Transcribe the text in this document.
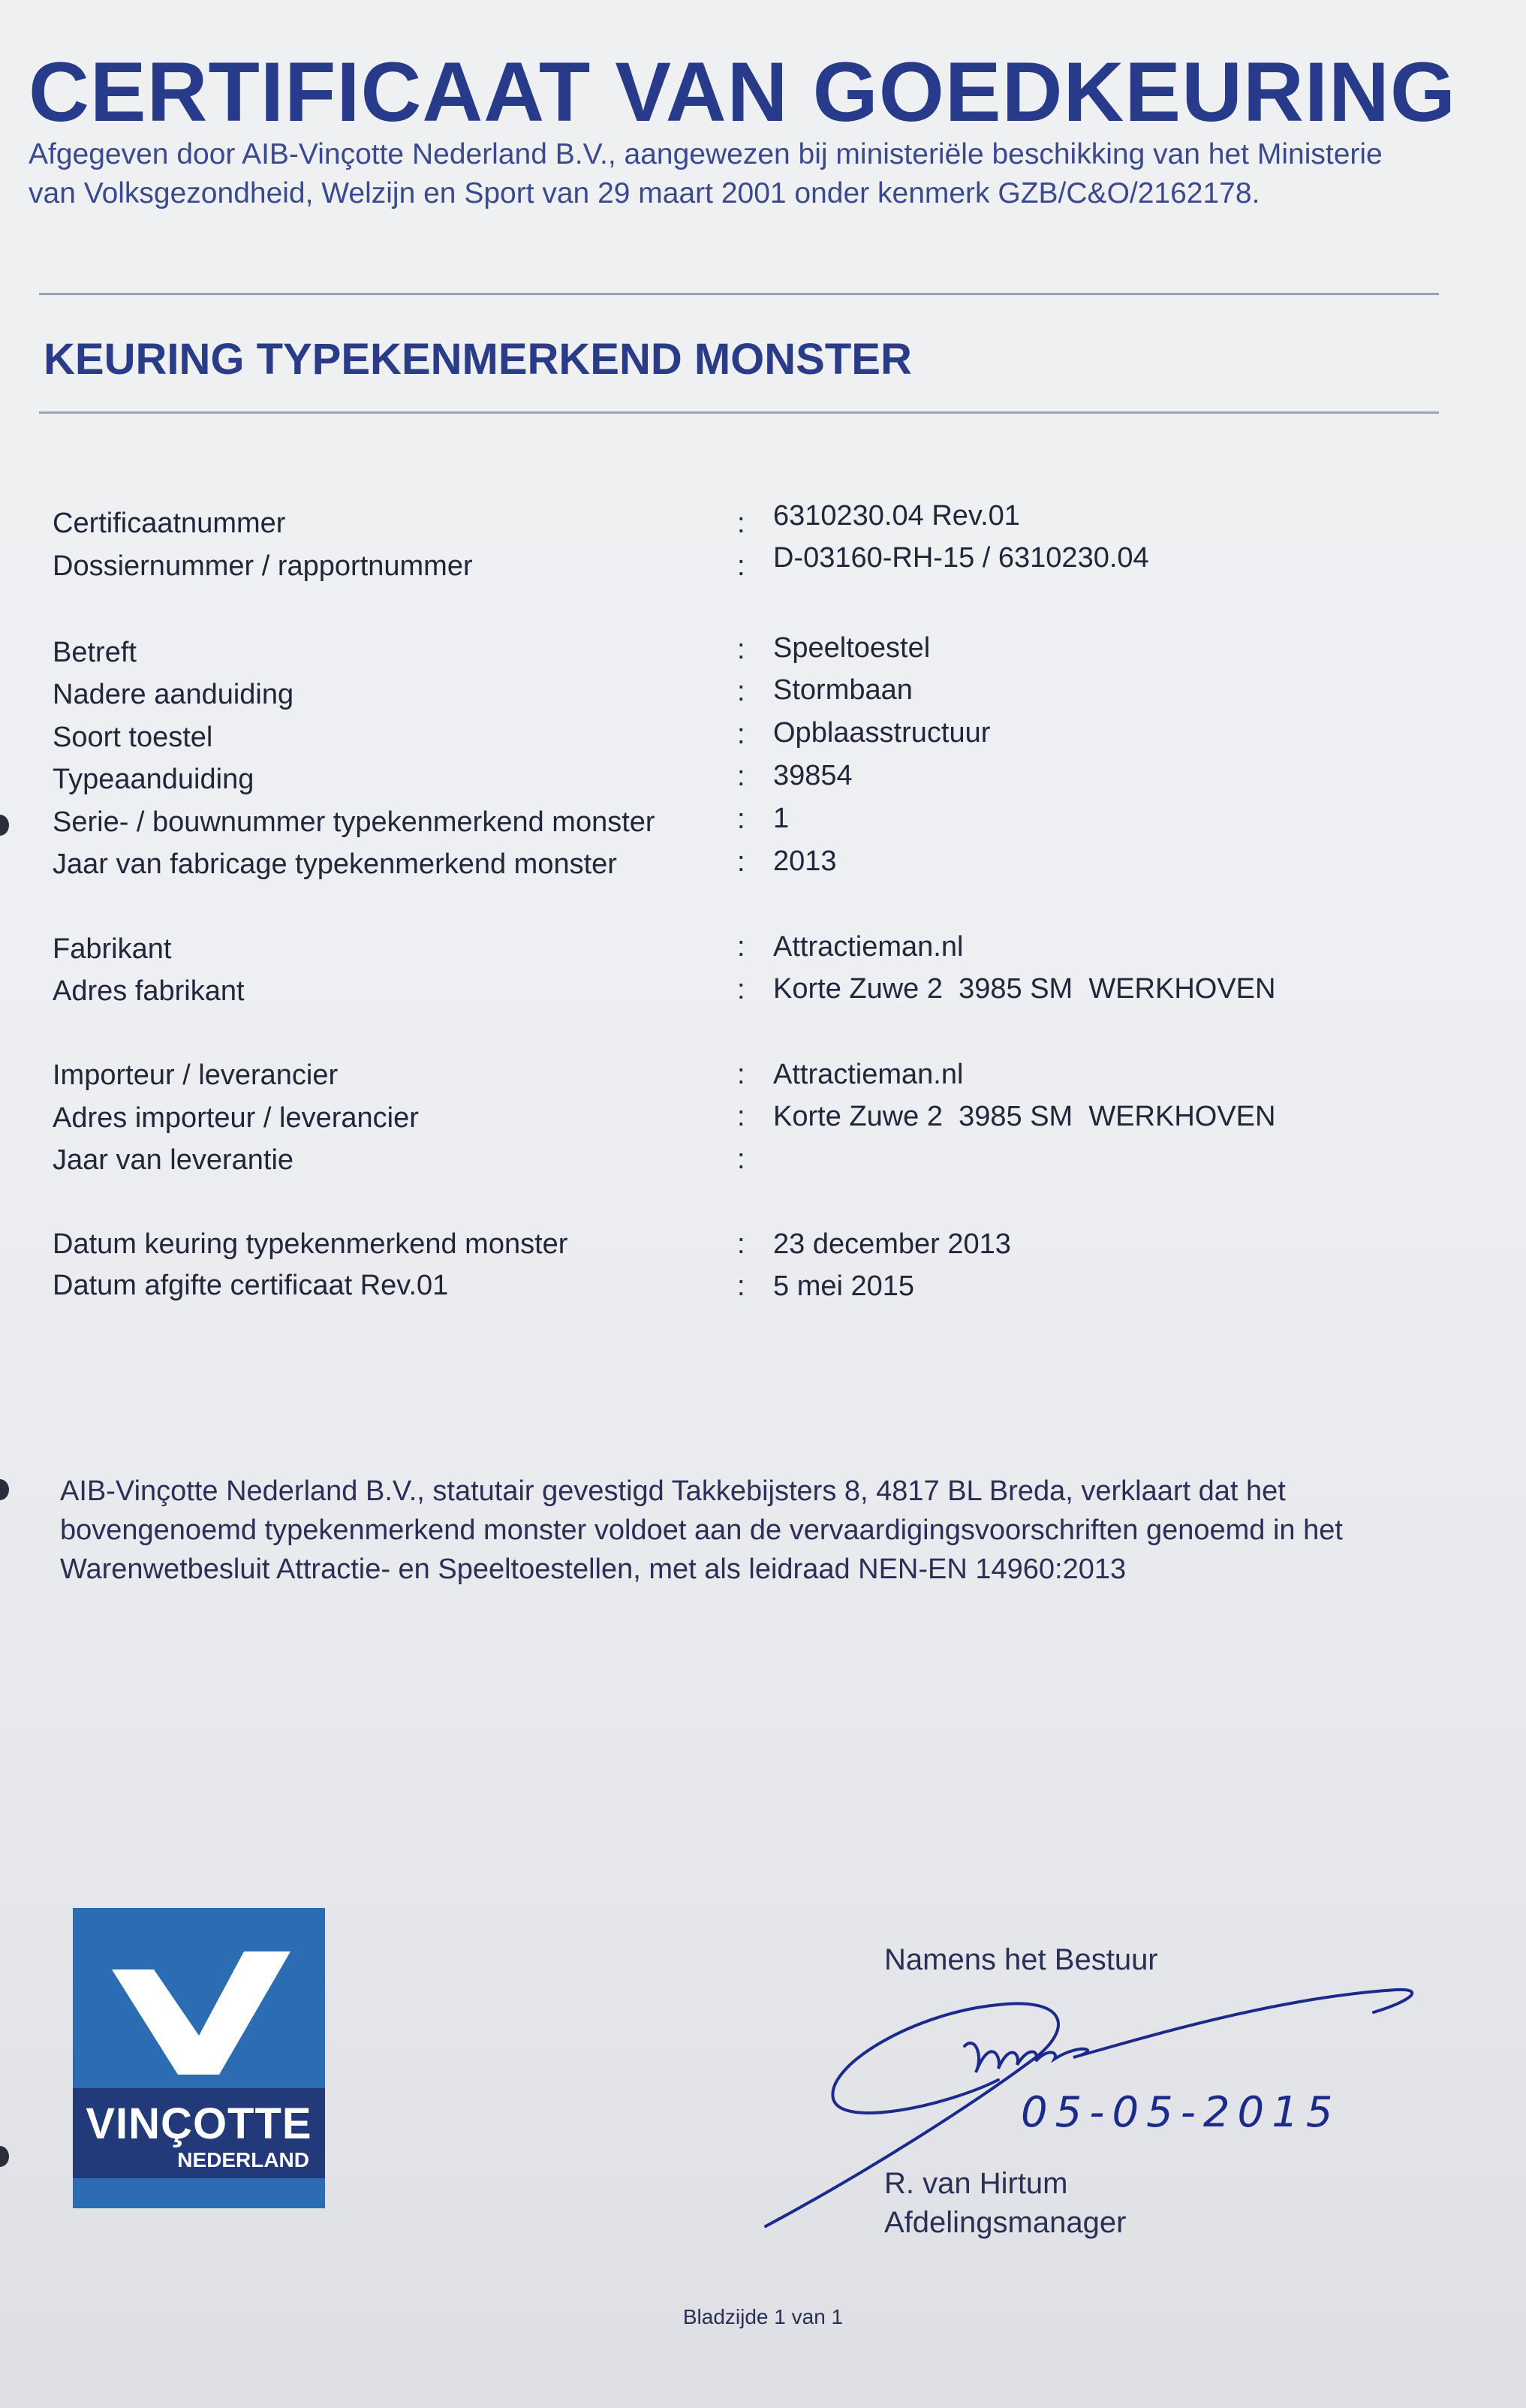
CERTIFICAAT VAN GOEDKEURING
Afgegeven door AIB-Vinçotte Nederland B.V., aangewezen bij ministeriële beschikking van het Ministerie
van Volksgezondheid, Welzijn en Sport van 29 maart 2001 onder kenmerk GZB/C&O/2162178.
KEURING TYPEKENMERKEND MONSTER
Certificaatnummer	: 6310230.04 Rev.01
Dossiernummer / rapportnummer	: D-03160-RH-15 / 6310230.04
Betreft	: Speeltoestel
Nadere aanduiding	: Stormbaan
Soort toestel	: Opblaasstructuur
Typeaanduiding	: 39854
Serie- / bouwnummer typekenmerkend monster	: 1
Jaar van fabricage typekenmerkend monster	: 2013
Fabrikant	: Attractieman.nl
Adres fabrikant	: Korte Zuwe 2  3985 SM  WERKHOVEN
Importeur / leverancier	: Attractieman.nl
Adres importeur / leverancier	: Korte Zuwe 2  3985 SM  WERKHOVEN
Jaar van leverantie	:
Datum keuring typekenmerkend monster	: 23 december 2013
Datum afgifte certificaat Rev.01	: 5 mei 2015
AIB-Vinçotte Nederland B.V., statutair gevestigd Takkebijsters 8, 4817 BL Breda, verklaart dat het
bovengenoemd typekenmerkend monster voldoet aan de vervaardigingsvoorschriften genoemd in het
Warenwetbesluit Attractie- en Speeltoestellen, met als leidraad NEN-EN 14960:2013
VINÇOTTE
NEDERLAND
Namens het Bestuur
05-05-2015
R. van Hirtum
Afdelingsmanager
Bladzijde 1 van 1
